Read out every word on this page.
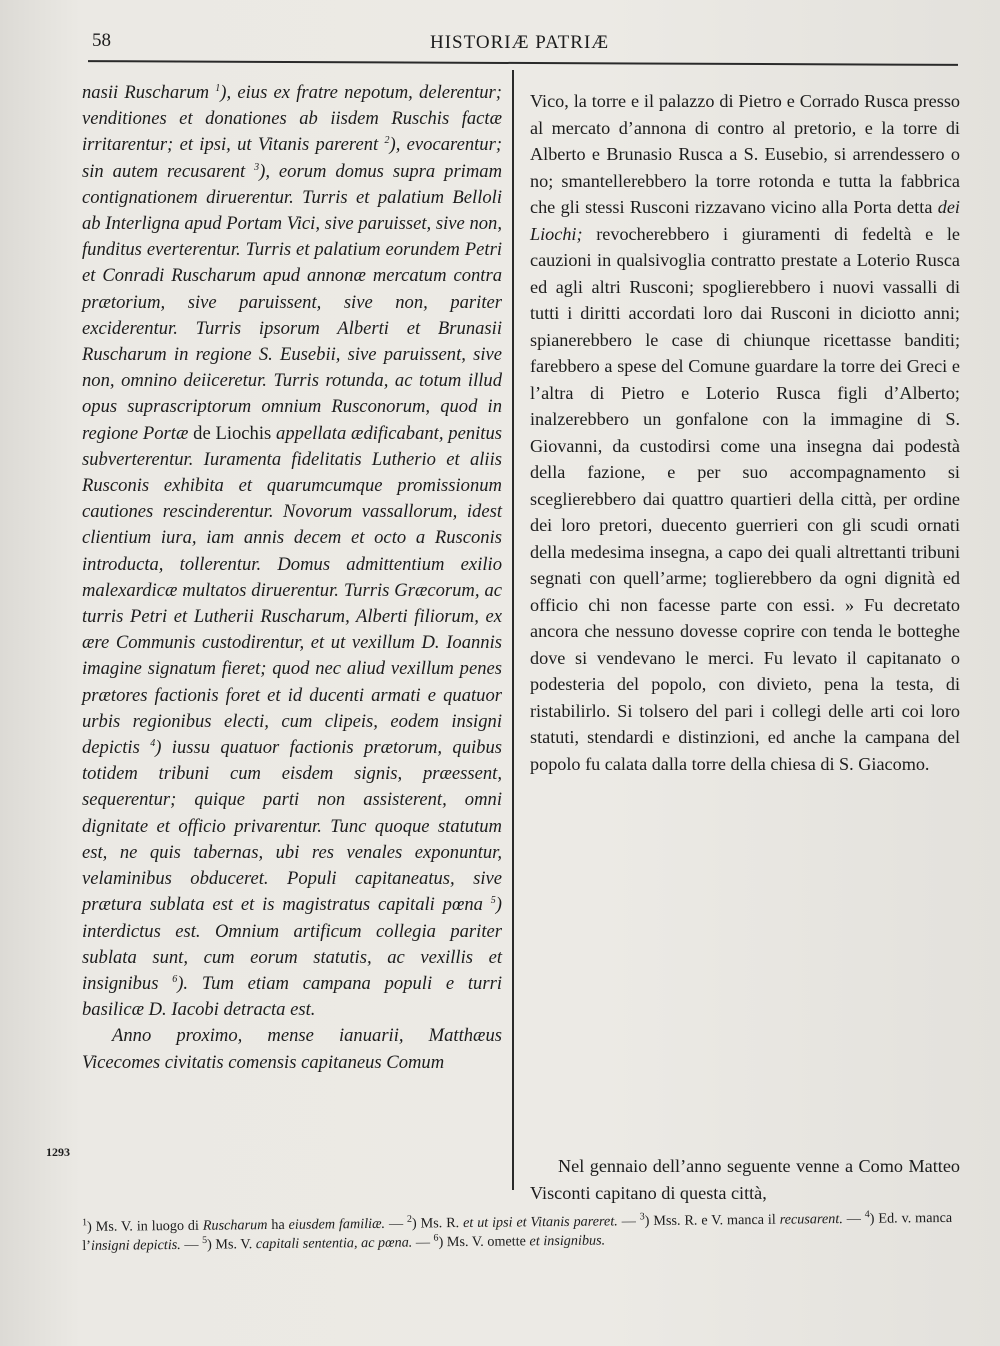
58	HISTORIÆ PATRIÆ
1293

nasii Ruscharum $^1$), eius ex fratre nepotum, delerentur; venditiones et donationes ab iisdem Ruschis factæ irritarentur; et ipsi, ut Vitanis parerent $^2$), evocarentur; sin autem recusarent $^3$), eorum domus supra primam contignationem diruerentur. Turris et palatium Belloli ab Interligna apud Portam Vici, sive paruisset, sive non, funditus everterentur. Turris et palatium eorundem Petri et Conradi Ruscharum apud annonæ mercatum contra prætorium, sive paruissent, sive non, pariter exciderentur. Turris ipsorum Alberti et Brunasii Ruscharum in regione S. Eusebii, sive paruissent, sive non, omnino deiiceretur. Turris rotunda, ac totum illud opus suprascriptorum omnium Rusconorum, quod in regione Portæ de Liochis appellata ædificabant, penitus subverterentur. Iuramenta fidelitatis Lutherio et aliis Rusconis exhibita et quarumcumque promissionum cautiones rescinderentur. Novorum vassallorum, idest clientium iura, iam annis decem et octo a Rusconis introducta, tollerentur. Domus admittentium exilio malexardicæ multatos diruerentur. Turris Græcorum, ac turris Petri et Lutherii Ruscharum, Alberti filiorum, ex ære Communis custodirentur, et ut vexillum D. Ioannis imagine signatum fieret; quod nec aliud vexillum penes prætores factionis foret et id ducenti armati e quatuor urbis regionibus electi, cum clipeis, eodem insigni depictis $^4$) iussu quatuor factionis prætorum, quibus totidem tribuni cum eisdem signis, præessent, sequerentur; quique parti non assisterent, omni dignitate et officio privarentur. Tunc quoque statutum est, ne quis tabernas, ubi res venales exponuntur, velaminibus obduceret. Populi capitaneatus, sive prætura sublata est et is magistratus capitali pœna $^5$) interdictus est. Omnium artificum collegia pariter sublata sunt, cum eorum statutis, ac vexillis et insignibus $^6$). Tum etiam campana populi e turri basilicæ D. Iacobi detracta est.

Anno proximo, mense ianuarii, Matthæus Vicecomes civitatis comensis capitaneus Comum

Vico, la torre e il palazzo di Pietro e Corrado Rusca presso al mercato d’annona di contro al pretorio, e la torre di Alberto e Brunasio Rusca a S. Eusebio, si arrendessero o no; smantellerebbero la torre rotonda e tutta la fabbrica che gli stessi Rusconi rizzavano vicino alla Porta detta dei Liochi; revocherebbero i giuramenti di fedeltà e le cauzioni in qualsivoglia contratto prestate a Loterio Rusca ed agli altri Rusconi; spoglierebbero i nuovi vassalli di tutti i diritti accordati loro dai Rusconi in diciotto anni; spianerebbero le case di chiunque ricettasse banditi; farebbero a spese del Comune guardare la torre dei Greci e l’altra di Pietro e Loterio Rusca figli d’Alberto; inalzerebbero un gonfalone con la immagine di S. Giovanni, da custodirsi come una insegna dai podestà della fazione, e per suo accompagnamento si sceglierebbero dai quattro quartieri della città, per ordine dei loro pretori, duecento guerrieri con gli scudi ornati della medesima insegna, a capo dei quali altrettanti tribuni segnati con quell’arme; toglierebbero da ogni dignità ed officio chi non facesse parte con essi. » Fu decretato ancora che nessuno dovesse coprire con tenda le botteghe dove si vendevano le merci. Fu levato il capitanato o podesteria del popolo, con divieto, pena la testa, di ristabilirlo. Si tolsero del pari i collegi delle arti coi loro statuti, stendardi e distinzioni, ed anche la campana del popolo fu calata dalla torre della chiesa di S. Giacomo.

Nel gennaio dell’anno seguente venne a Como Matteo Visconti capitano di questa città,

$^1$) Ms. V. in luogo di Ruscharum ha eiusdem familiæ. — $^2$) Ms. R. et ut ipsi et Vitanis pareret. — $^3$) Mss. R. e V. manca il recusarent. — $^4$) Ed. v. manca l’insigni depictis. — $^5$) Ms. V. capitali sententia, ac pœna. — $^6$) Ms. V. omette et insignibus.
